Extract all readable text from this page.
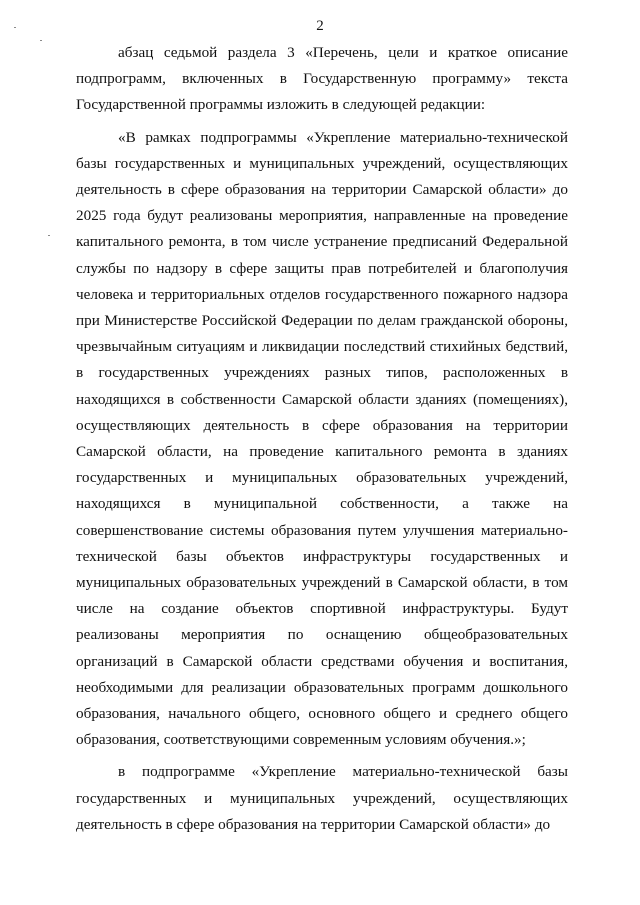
2

абзац седьмой раздела 3 «Перечень, цели и краткое описание подпрограмм, включенных в Государственную программу» текста Государственной программы изложить в следующей редакции:

«В рамках подпрограммы «Укрепление материально-технической базы государственных и муниципальных учреждений, осуществляющих деятельность в сфере образования на территории Самарской области» до 2025 года будут реализованы мероприятия, направленные на проведение капитального ремонта, в том числе устранение предписаний Федеральной службы по надзору в сфере защиты прав потребителей и благополучия человека и территориальных отделов государственного пожарного надзора при Министерстве Российской Федерации по делам гражданской обороны, чрезвычайным ситуациям и ликвидации последствий стихийных бедствий, в государственных учреждениях разных типов, расположенных в находящихся в собственности Самарской области зданиях (помещениях), осуществляющих деятельность в сфере образования на территории Самарской области, на проведение капитального ремонта в зданиях государственных и муниципальных образовательных учреждений, находящихся в муниципальной собственности, а также на совершенствование системы образования путем улучшения материально-технической базы объектов инфраструктуры государственных и муниципальных образовательных учреждений в Самарской области, в том числе на создание объектов спортивной инфраструктуры. Будут реализованы мероприятия по оснащению общеобразовательных организаций в Самарской области средствами обучения и воспитания, необходимыми для реализации образовательных программ дошкольного образования, начального общего, основного общего и среднего общего образования, соответствующими современным условиям обучения.»;

в подпрограмме «Укрепление материально-технической базы государственных и муниципальных учреждений, осуществляющих деятельность в сфере образования на территории Самарской области» до
